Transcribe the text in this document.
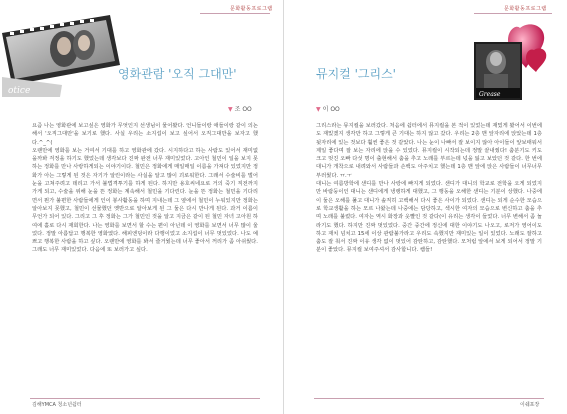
문화활동프로그램
otice
영화관람 '오직 그대만'
▼ 조 OO

요즘 나는 영화관에 보고싶은 영화가 무엇인지 선생님이 물어봤다. 언니들이랑 애들이랑 같이 의논해서 '오직그대만'을 보기로 했다. 사실 우리는 소지섭이 보고 싶어서 오직그대만을 보자고 했다.^_^(

오랜만에 영화를 보는 거여서 기대를 하고 영화관에 갔다. 시지하다고 하는 사람도 있어서 재미없을까봐 걱정을 하기도 했었는데 생각보다 진짜 완전 너무 재미있었다. 고아인 철민이 일을 보지 못하는 정화를 만나 사랑하게되는 이야기이다. 철민은 정화에게 매일매일 이름을 가져다 있었지만 정화가 아는 그렇게 된 것은 자기가 알린이라는 사실을 알고 많이 괴로워한다. 그래서 수술비를 벌어 눈을 고쳐주려고 데리고 가서 불법격투기를 하게 된다. 하지만 용호씨네요로 거의 죽기 직전까지 가게 되고, 수술을 위해 눈을 뜬 정화는 계속해서 철민을 기다린다. 눈을 뜬 정화는 철민을 기다리면서 뭔가 불편한 사람들에게 인이 봉사활동을 하며 지내는데 그 옆에서 철민이 누워있지만 정화는 알아보지 못했고, 철민이 선물했던 옛반으로 알아보게 된 그 둘은 다시 만나게 된다. 과거 이름이 무언가 되어 있다. 그리고 그 후 정화는 그가 철민인 것을 알고 지금은 같이 된 철민 자녀 고아원 하여에 홀로 다시 재회한다. 나는 영화를 보면서 할 수는 편이 아닌데 이 영화를 보면서 너무 많이 울었다. 정말 아름답고 행복한 영화였다. 해피엔딩이라 다행이었고 소지섭이 너무 멋있었다. 나도 예쁘고 행복한 사람을 하고 싶다. 오랜만에 영화를 봐서 즐거웠는데 너무 좋아서 꺼리가 좀 아쉬웠다. 그래도 너무 재미있었다. 다음에 또 보러가고 싶다.

김해YMCA 청소년쉼터
문화활동프로그램
Grease
뮤지컬 '그리스'
▼ 이 OO

그리스라는 뮤지컬을 보러갔다. 처음에 쉼터에서 뮤지컬을 본 적이 있었는데 재밌게 봤어서 이번에도 재밌겠지 생각만 하고 그렇게 큰 기대는 하지 않고 갔다. 우리는 2층 맨 앞자리에 앉았는데 1층 뒷자리에 있는 것보다 훨씬 좋은 것 같았다. 나는 눈이 나빠서 잘 보이지 않아 아이들이 앞보태워서 제일 좋다며 잘 보는 자리에 앉을 수 있었다. 뮤지컬이 시작되는데 정말 끝내줬다! 춤분기도 키도 크고 멋진 오빠 다섯 명이 출현해서 춤을 추고 노래를 부르는데 넋을 잃고 보았던 것 같다. 한 번에 대니가 개착으로 내려와서 사람들과 손백도 아주치고 했는데 1층 맨 앞에 앉은 사람들이 너무너무 부러웠다. ㅠ.ㅜ

대니는 여름방학에 샌디를 만나 사랑에 빠지게 되었다. 샌디가 대니의 학교로 전학을 오게 되었지만 바람둥이인 대니는 샌디에게 냉랭하게 대했고, 그 행동을 오해한 샌디는 기분이 상했다. 나중에 이 둘은 오해를 풀고 대니가 솔직히 고백해서 다시 좋은 사이가 되었다. 샌디는 되게 순수한 모습으로 학교생활을 하는 모르 나왔는데 나중에는 담당하고, 섹시한 여자의 모습으로 변신하고 춤을 추며 노래를 불렀다. 여자는 역시 화장과 옷빨인 것 같다(이 유리는 생각이 들었다. 너무 변해서 좀 놀라기도 했다. 하지만 진짜 멋있었다. 중간 중간에 정신에 대한 이야기도 나오고, 로저가 영어이도 하고 재치 넘치고 15세 이상 관람불가라고 우리도 속했지만 재미있는 일이 있었다. 노래도 잘하고 춤도 잘 춰서 진짜 이유 생각 없이 멋있어 감탄하고, 감탄했다. 모처럼 앞에서 보게 되어서 정말 기분이 좋았다. 뮤지컬 보여주셔서 감사합니다. 쌤들!

이쉐포장
